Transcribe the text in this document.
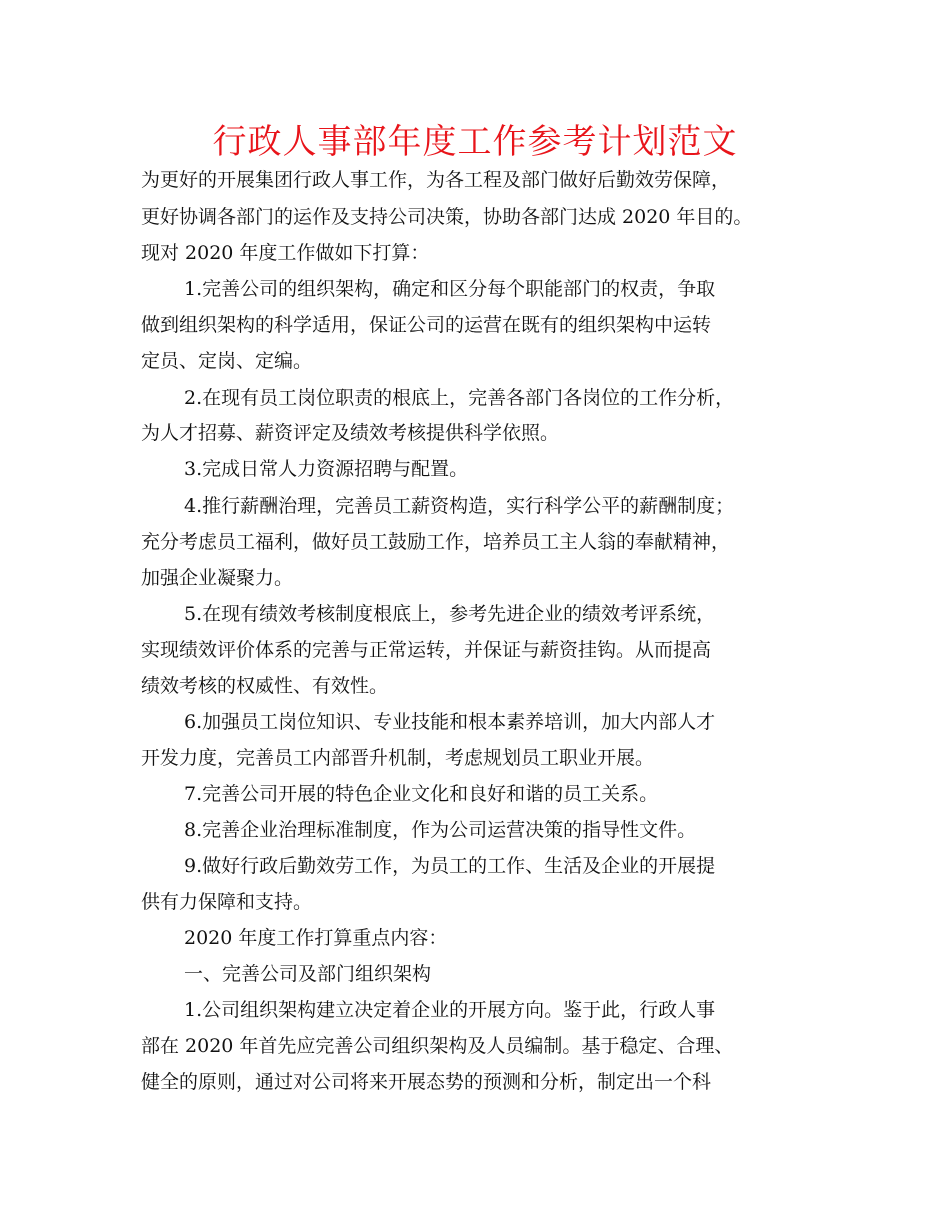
行政人事部年度工作参考计划范文
为更好的开展集团行政人事工作，为各工程及部门做好后勤效劳保障，
更好协调各部门的运作及支持公司决策，协助各部门达成 2020 年目的。
现对 2020 年度工作做如下打算：
1.完善公司的组织架构，确定和区分每个职能部门的权责，争取
做到组织架构的科学适用，保证公司的运营在既有的组织架构中运转
定员、定岗、定编。
2.在现有员工岗位职责的根底上，完善各部门各岗位的工作分析，
为人才招募、薪资评定及绩效考核提供科学依照。
3.完成日常人力资源招聘与配置。
4.推行薪酬治理，完善员工薪资构造，实行科学公平的薪酬制度；
充分考虑员工福利，做好员工鼓励工作，培养员工主人翁的奉献精神，
加强企业凝聚力。
5.在现有绩效考核制度根底上，参考先进企业的绩效考评系统，
实现绩效评价体系的完善与正常运转，并保证与薪资挂钩。从而提高
绩效考核的权威性、有效性。
6.加强员工岗位知识、专业技能和根本素养培训，加大内部人才
开发力度，完善员工内部晋升机制，考虑规划员工职业开展。
7.完善公司开展的特色企业文化和良好和谐的员工关系。
8.完善企业治理标准制度，作为公司运营决策的指导性文件。
9.做好行政后勤效劳工作，为员工的工作、生活及企业的开展提
供有力保障和支持。
2020 年度工作打算重点内容：
一、完善公司及部门组织架构
1.公司组织架构建立决定着企业的开展方向。鉴于此，行政人事
部在 2020 年首先应完善公司组织架构及人员编制。基于稳定、合理、
健全的原则，通过对公司将来开展态势的预测和分析，制定出一个科
